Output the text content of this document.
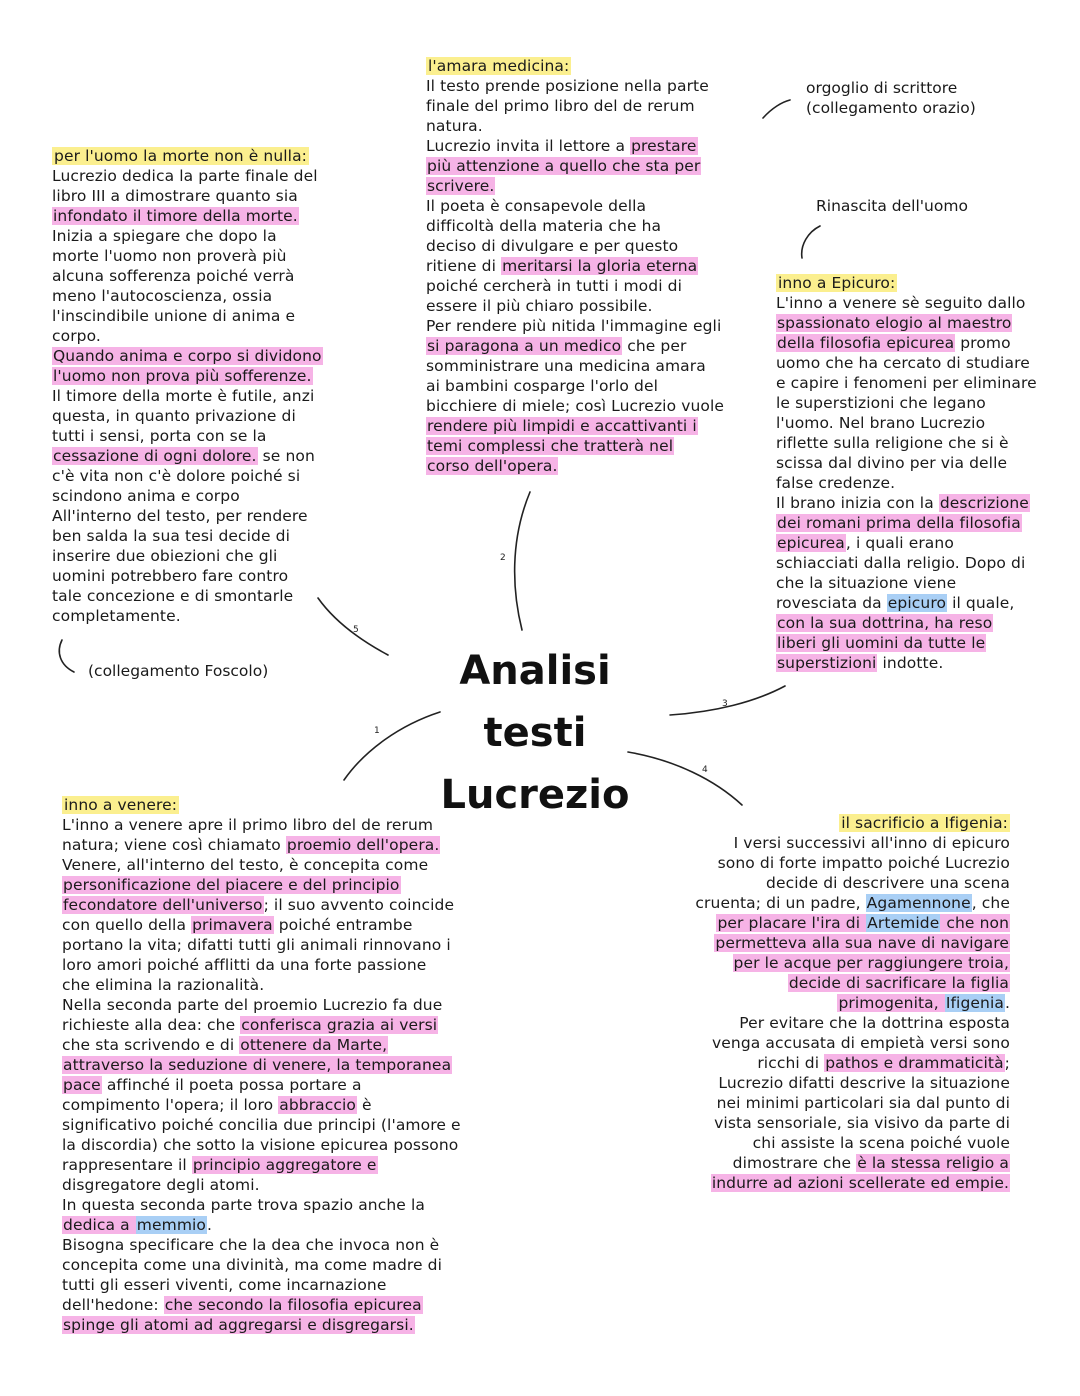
1
2
3
4
5
Analisi testi
Lucrezio
per l'uomo la morte non è nulla:
Lucrezio dedica la parte finale del
libro III a dimostrare quanto sia
infondato il timore della morte.
Inizia a spiegare che dopo la
morte l'uomo non proverà più
alcuna sofferenza poiché verrà
meno l'autocoscienza, ossia
l'inscindibile unione di anima e
corpo.
Quando anima e corpo si dividono
l'uomo non prova più sofferenze.
Il timore della morte è futile, anzi
questa, in quanto privazione di
tutti i sensi, porta con se la
cessazione di ogni dolore. se non
c'è vita non c'è dolore poiché si
scindono anima e corpo
All'interno del testo, per rendere
ben salda la sua tesi decide di
inserire due obiezioni che gli
uomini potrebbero fare contro
tale concezione e di smontarle
completamente.
l'amara medicina:
Il testo prende posizione nella parte
finale del primo libro del de rerum
natura.
Lucrezio invita il lettore a prestare
più attenzione a quello che sta per
scrivere.
Il poeta è consapevole della
difficoltà della materia che ha
deciso di divulgare e per questo
ritiene di meritarsi la gloria eterna
poiché cercherà in tutti i modi di
essere il più chiaro possibile.
Per rendere più nitida l'immagine egli
si paragona a un medico che per
somministrare una medicina amara
ai bambini cosparge l'orlo del
bicchiere di miele; così Lucrezio vuole
rendere più limpidi e accattivanti i
temi complessi che tratterà nel
corso dell'opera.
inno a Epicuro:
L'inno a venere sè seguito dallo
spassionato elogio al maestro
della filosofia epicurea promo
uomo che ha cercato di studiare
e capire i fenomeni per eliminare
le superstizioni che legano
l'uomo. Nel brano Lucrezio
riflette sulla religione che si è
scissa dal divino per via delle
false credenze.
Il brano inizia con la descrizione
dei romani prima della filosofia
epicurea, i quali erano
schiacciati dalla religio. Dopo di
che la situazione viene
rovesciata da epicuro il quale,
con la sua dottrina, ha reso
liberi gli uomini da tutte le
superstizioni indotte.
inno a venere:
L'inno a venere apre il primo libro del de rerum
natura; viene così chiamato proemio dell'opera.
Venere, all'interno del testo, è concepita come
personificazione del piacere e del principio
fecondatore dell'universo; il suo avvento coincide
con quello della primavera poiché entrambe
portano la vita; difatti tutti gli animali rinnovano i
loro amori poiché afflitti da una forte passione
che elimina la razionalità.
Nella seconda parte del proemio Lucrezio fa due
richieste alla dea: che conferisca grazia ai versi
che sta scrivendo e di ottenere da Marte,
attraverso la seduzione di venere, la temporanea
pace affinché il poeta possa portare a
compimento l'opera; il loro abbraccio è
significativo poiché concilia due principi (l'amore e
la discordia) che sotto la visione epicurea possono
rappresentare il principio aggregatore e
disgregatore degli atomi.
In questa seconda parte trova spazio anche la
dedica a memmio.
Bisogna specificare che la dea che invoca non è
concepita come una divinità, ma come madre di
tutti gli esseri viventi, come incarnazione
dell'hedone: che secondo la filosofia epicurea
spinge gli atomi ad aggregarsi e disgregarsi.
il sacrificio a Ifigenia:
I versi successivi all'inno di epicuro
sono di forte impatto poiché Lucrezio
decide di descrivere una scena
cruenta; di un padre, Agamennone, che
per placare l'ira di Artemide che non
permetteva alla sua nave di navigare
per le acque per raggiungere troia,
decide di sacrificare la figlia
primogenita, Ifigenia.
Per evitare che la dottrina esposta
venga accusata di empietà versi sono
ricchi di pathos e drammaticità;
Lucrezio difatti descrive la situazione
nei minimi particolari sia dal punto di
vista sensoriale, sia visivo da parte di
chi assiste la scena poiché vuole
dimostrare che è la stessa religio a
indurre ad azioni scellerate ed empie.
(collegamento Foscolo)
orgoglio di scrittore
(collegamento orazio)
Rinascita dell'uomo
